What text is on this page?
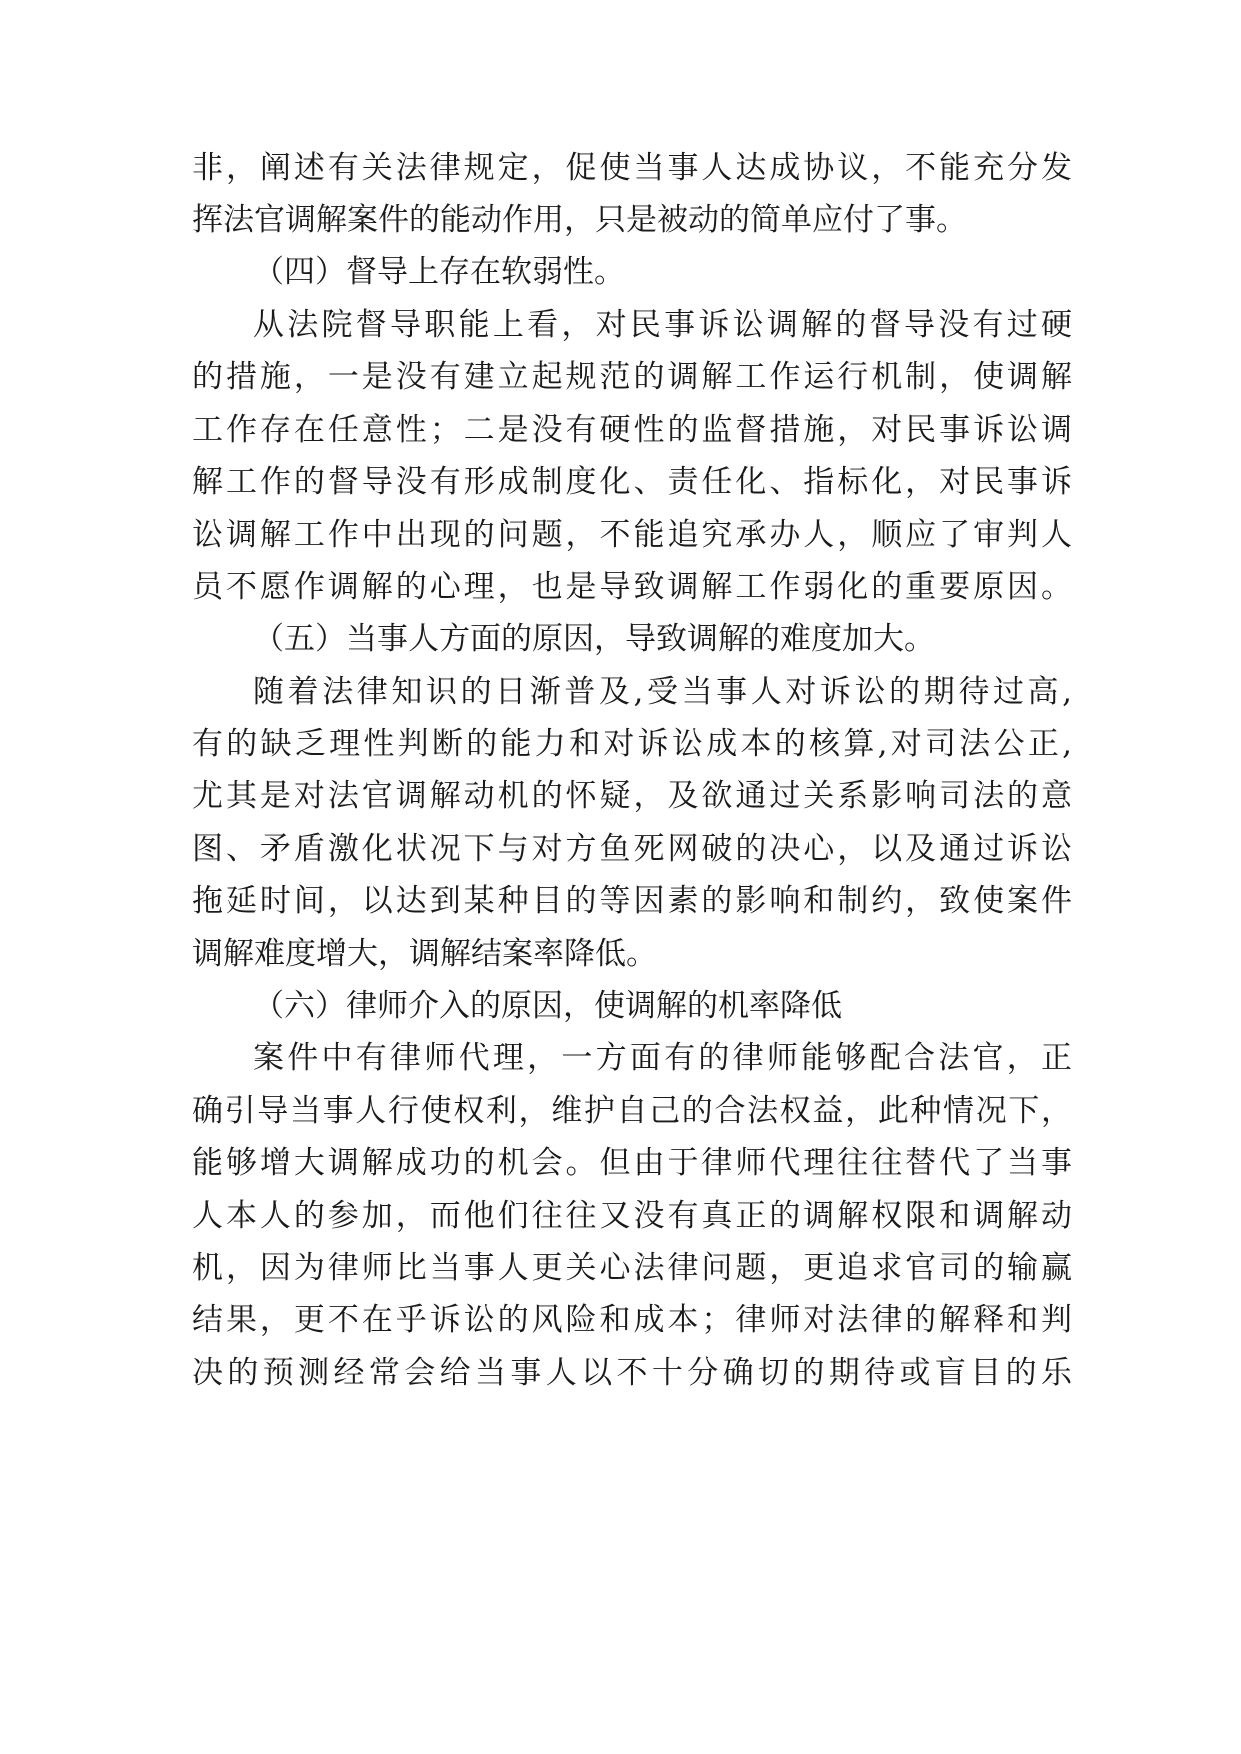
非，阐述有关法律规定，促使当事人达成协议，不能充分发
挥法官调解案件的能动作用，只是被动的简单应付了事。
（四）督导上存在软弱性。
从法院督导职能上看，对民事诉讼调解的督导没有过硬
的措施，一是没有建立起规范的调解工作运行机制，使调解
工作存在任意性；二是没有硬性的监督措施，对民事诉讼调
解工作的督导没有形成制度化、责任化、指标化，对民事诉
讼调解工作中出现的问题，不能追究承办人，顺应了审判人
员不愿作调解的心理，也是导致调解工作弱化的重要原因。
（五）当事人方面的原因，导致调解的难度加大。
随着法律知识的日渐普及,受当事人对诉讼的期待过高,
有的缺乏理性判断的能力和对诉讼成本的核算,对司法公正,
尤其是对法官调解动机的怀疑，及欲通过关系影响司法的意
图、矛盾激化状况下与对方鱼死网破的决心，以及通过诉讼
拖延时间，以达到某种目的等因素的影响和制约，致使案件
调解难度增大，调解结案率降低。
（六）律师介入的原因，使调解的机率降低
案件中有律师代理，一方面有的律师能够配合法官，正
确引导当事人行使权利，维护自己的合法权益，此种情况下，
能够增大调解成功的机会。但由于律师代理往往替代了当事
人本人的参加，而他们往往又没有真正的调解权限和调解动
机，因为律师比当事人更关心法律问题，更追求官司的输赢
结果，更不在乎诉讼的风险和成本；律师对法律的解释和判
决的预测经常会给当事人以不十分确切的期待或盲目的乐
